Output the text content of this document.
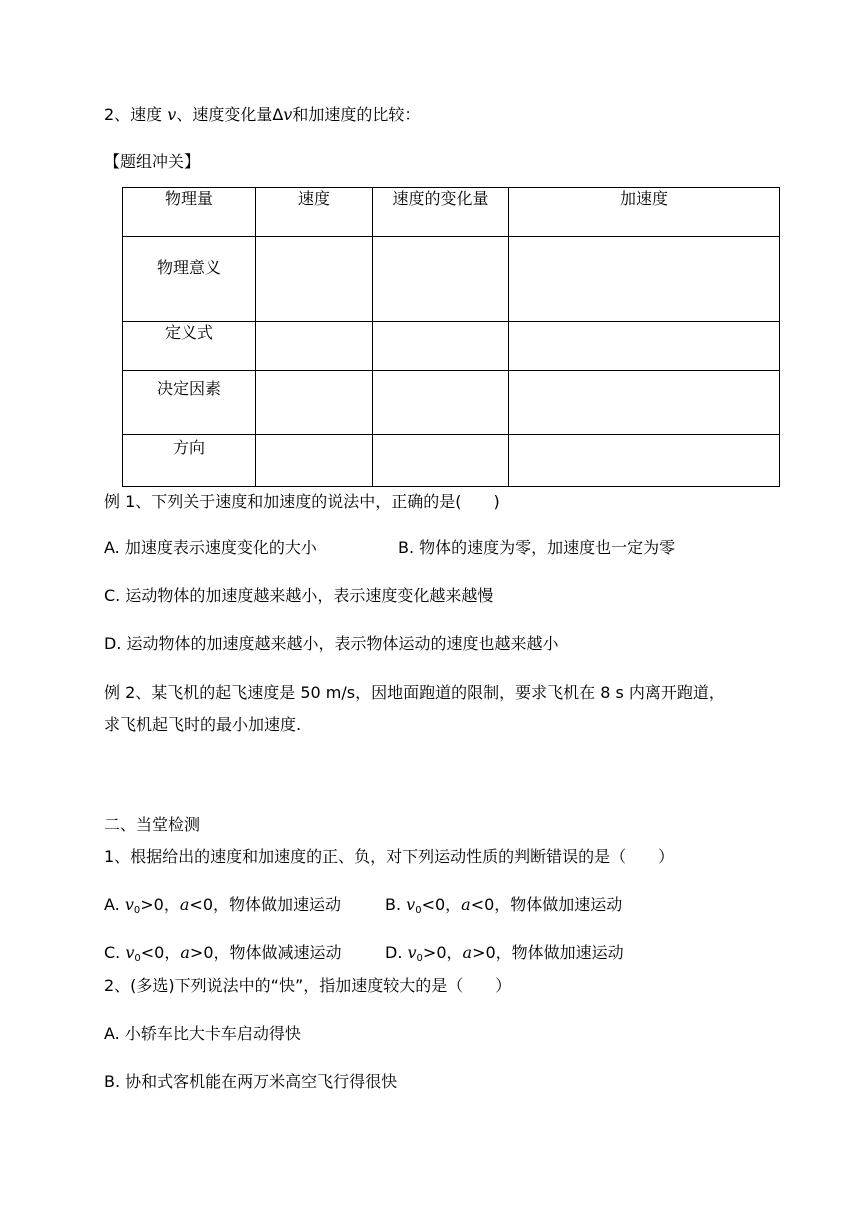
2、速度 v、速度变化量Δv和加速度的比较：
【题组冲关】
物理量	速度	速度的变化量	加速度
物理意义			
定义式			
决定因素			
方向			
例 1、下列关于速度和加速度的说法中，正确的是(　　)
A. 加速度表示速度变化的大小	B. 物体的速度为零，加速度也一定为零
C. 运动物体的加速度越来越小，表示速度变化越来越慢
D. 运动物体的加速度越来越小，表示物体运动的速度也越来越小
例 2、某飞机的起飞速度是 50 m/s，因地面跑道的限制，要求飞机在 8 s 内离开跑道，
求飞机起飞时的最小加速度.
二、当堂检测
1、根据给出的速度和加速度的正、负，对下列运动性质的判断错误的是（　　）
A. $v_0>0$，a<0，物体做加速运动	B. $v_0<0$，a<0，物体做加速运动
C. $v_0<0$，a>0，物体做减速运动	D. $v_0>0$，a>0，物体做加速运动
2、(多选)下列说法中的“快”，指加速度较大的是（　　）
A. 小轿车比大卡车启动得快
B. 协和式客机能在两万米高空飞行得很快
